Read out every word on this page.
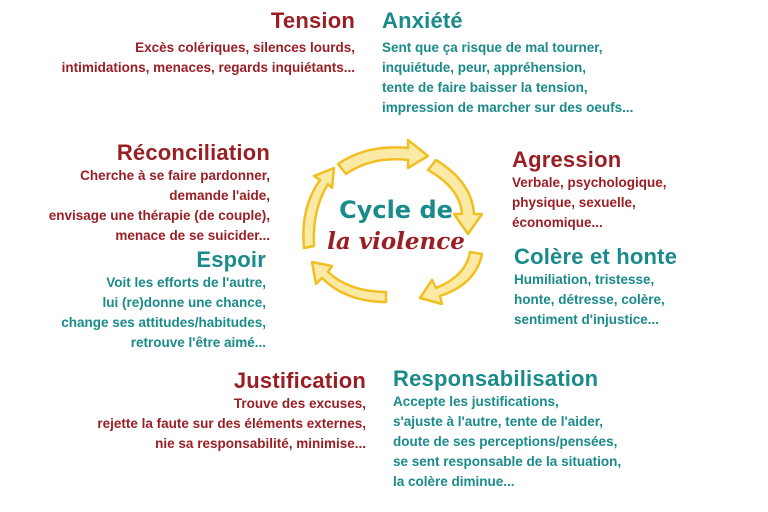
Tension
Excès colériques, silences lourds,
intimidations, menaces, regards inquiétants...
Anxiété
Sent que ça risque de mal tourner,
inquiétude, peur, appréhension,
tente de faire baisser la tension,
impression de marcher sur des oeufs...
Réconciliation
Cherche à se faire pardonner,
demande l'aide,
envisage une thérapie (de couple),
menace de se suicider...
Agression
Verbale, psychologique,
physique, sexuelle,
économique...
Espoir
Voit les efforts de l'autre,
lui (re)donne une chance,
change ses attitudes/habitudes,
retrouve l'être aimé...
Colère et honte
Humiliation, tristesse,
honte, détresse, colère,
sentiment d'injustice...
Justification
Trouve des excuses,
rejette la faute sur des éléments externes,
nie sa responsabilité, minimise...
Responsabilisation
Accepte les justifications,
s'ajuste à l'autre, tente de l'aider,
doute de ses perceptions/pensées,
se sent responsable de la situation,
la colère diminue...
Cycle de
la violence
